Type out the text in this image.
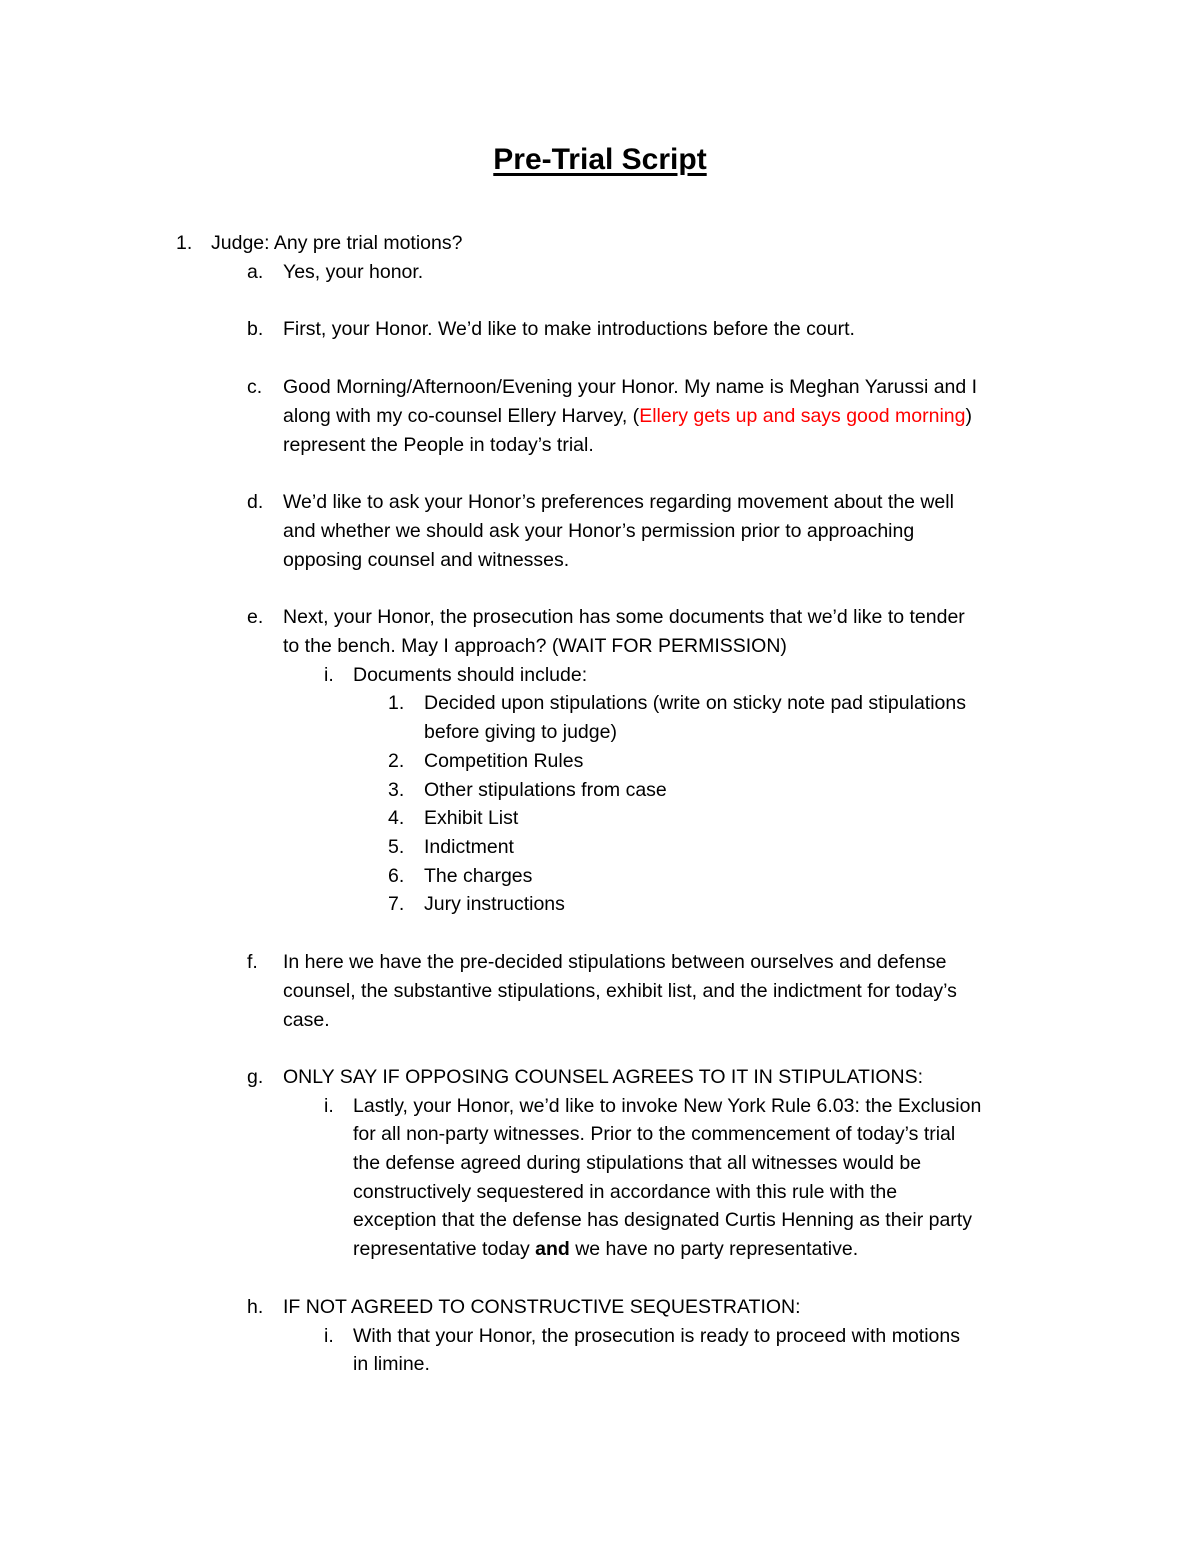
Pre-Trial Script
1. Judge: Any pre trial motions?
a. Yes, your honor.
b. First, your Honor. We’d like to make introductions before the court.
c. Good Morning/Afternoon/Evening your Honor. My name is Meghan Yarussi and I
along with my co-counsel Ellery Harvey, (Ellery gets up and says good morning)
represent the People in today’s trial.
d. We’d like to ask your Honor’s preferences regarding movement about the well
and whether we should ask your Honor’s permission prior to approaching
opposing counsel and witnesses.
e. Next, your Honor, the prosecution has some documents that we’d like to tender
to the bench. May I approach? (WAIT FOR PERMISSION)
i. Documents should include:
1. Decided upon stipulations (write on sticky note pad stipulations
before giving to judge)
2. Competition Rules
3. Other stipulations from case
4. Exhibit List
5. Indictment
6. The charges
7. Jury instructions
f. In here we have the pre-decided stipulations between ourselves and defense
counsel, the substantive stipulations, exhibit list, and the indictment for today’s
case.
g. ONLY SAY IF OPPOSING COUNSEL AGREES TO IT IN STIPULATIONS:
i. Lastly, your Honor, we’d like to invoke New York Rule 6.03: the Exclusion
for all non-party witnesses. Prior to the commencement of today’s trial
the defense agreed during stipulations that all witnesses would be
constructively sequestered in accordance with this rule with the
exception that the defense has designated Curtis Henning as their party
representative today and we have no party representative.
h. IF NOT AGREED TO CONSTRUCTIVE SEQUESTRATION:
i. With that your Honor, the prosecution is ready to proceed with motions
in limine.
